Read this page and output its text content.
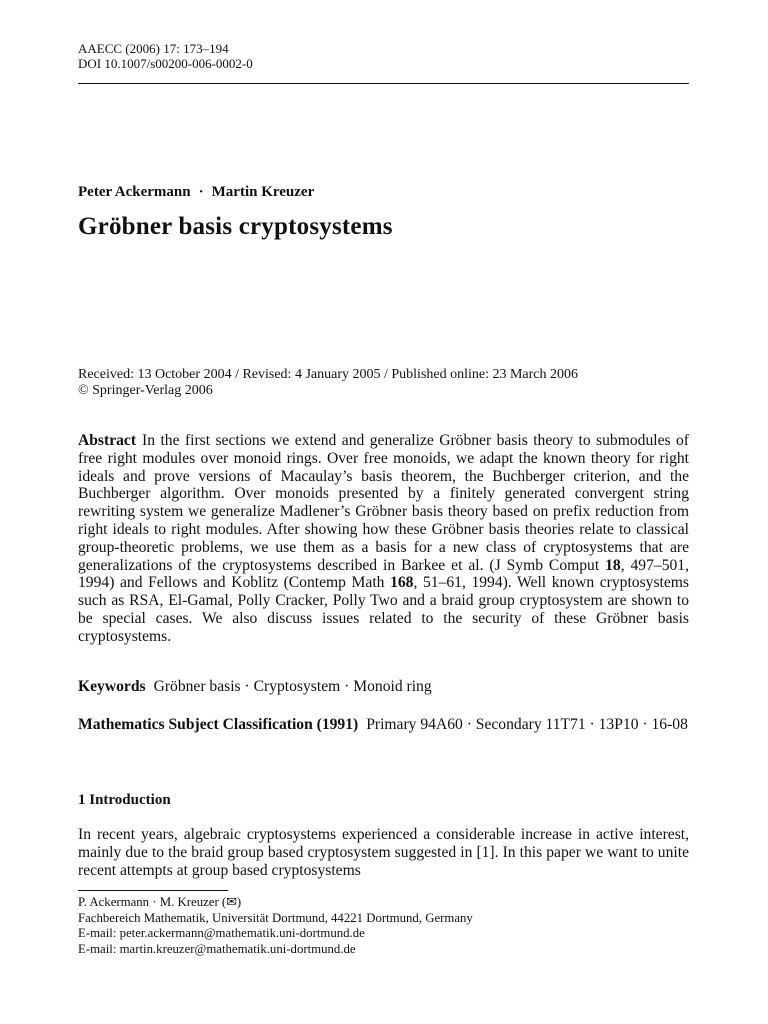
AAECC (2006) 17: 173–194
DOI 10.1007/s00200-006-0002-0
Peter Ackermann · Martin Kreuzer
Gröbner basis cryptosystems
Received: 13 October 2004 / Revised: 4 January 2005 / Published online: 23 March 2006
© Springer-Verlag 2006
Abstract In the first sections we extend and generalize Gröbner basis theory to submodules of free right modules over monoid rings. Over free monoids, we adapt the known theory for right ideals and prove versions of Macaulay’s basis theorem, the Buchberger criterion, and the Buchberger algorithm. Over monoids presented by a finitely generated convergent string rewriting system we generalize Madlener’s Gröbner basis theory based on prefix reduction from right ideals to right modules. After showing how these Gröbner basis theories relate to classical group-theoretic problems, we use them as a basis for a new class of cryptosystems that are generalizations of the cryptosystems described in Barkee et al. (J Symb Comput 18, 497–501, 1994) and Fellows and Koblitz (Contemp Math 168, 51–61, 1994). Well known cryptosystems such as RSA, El-Gamal, Polly Cracker, Polly Two and a braid group cryptosystem are shown to be special cases. We also discuss issues related to the security of these Gröbner basis cryptosystems.
Keywords Gröbner basis · Cryptosystem · Monoid ring
Mathematics Subject Classification (1991) Primary 94A60 · Secondary 11T71 · 13P10 · 16-08
1 Introduction
In recent years, algebraic cryptosystems experienced a considerable increase in active interest, mainly due to the braid group based cryptosystem suggested in [1]. In this paper we want to unite recent attempts at group based cryptosystems
P. Ackermann · M. Kreuzer (✉)
Fachbereich Mathematik, Universität Dortmund, 44221 Dortmund, Germany
E-mail: peter.ackermann@mathematik.uni-dortmund.de
E-mail: martin.kreuzer@mathematik.uni-dortmund.de
